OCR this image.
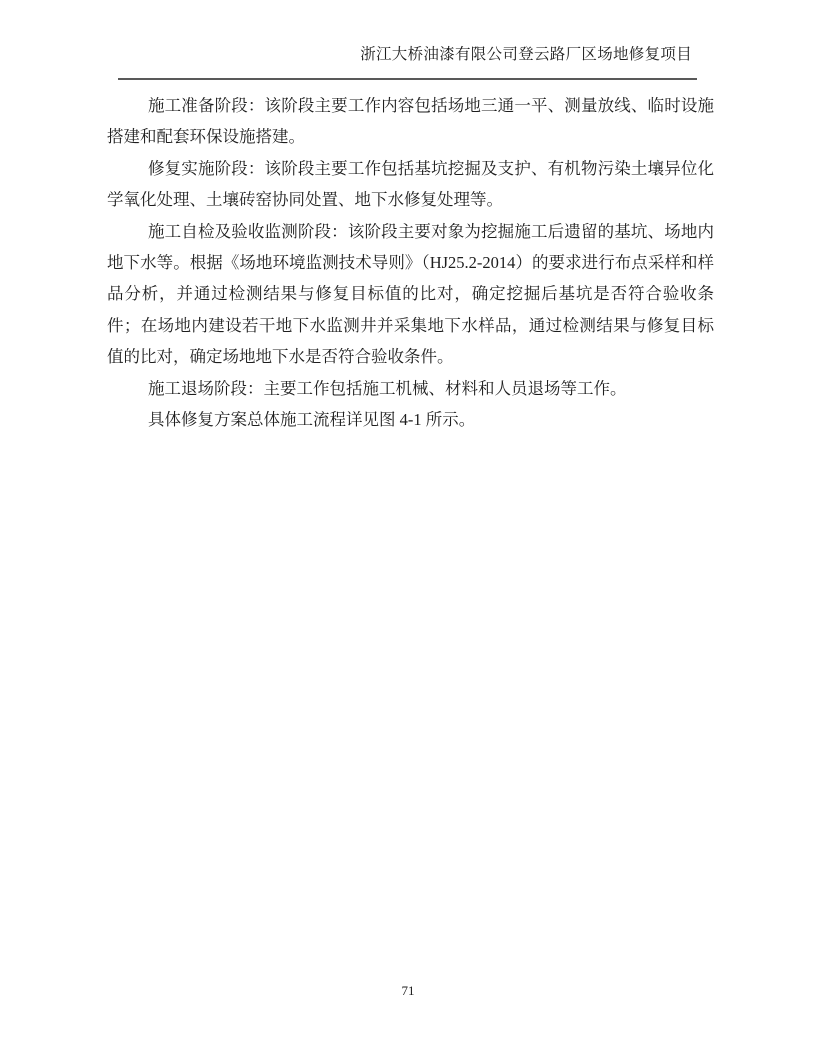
浙江大桥油漆有限公司登云路厂区场地修复项目

施工准备阶段：该阶段主要工作内容包括场地三通一平、测量放线、临时设施搭建和配套环保设施搭建。

修复实施阶段：该阶段主要工作包括基坑挖掘及支护、有机物污染土壤异位化学氧化处理、土壤砖窑协同处置、地下水修复处理等。

施工自检及验收监测阶段：该阶段主要对象为挖掘施工后遗留的基坑、场地内地下水等。根据《场地环境监测技术导则》（HJ25.2-2014）的要求进行布点采样和样品分析，并通过检测结果与修复目标值的比对，确定挖掘后基坑是否符合验收条件；在场地内建设若干地下水监测井并采集地下水样品，通过检测结果与修复目标值的比对，确定场地地下水是否符合验收条件。

施工退场阶段：主要工作包括施工机械、材料和人员退场等工作。

具体修复方案总体施工流程详见图 4-1 所示。

71
